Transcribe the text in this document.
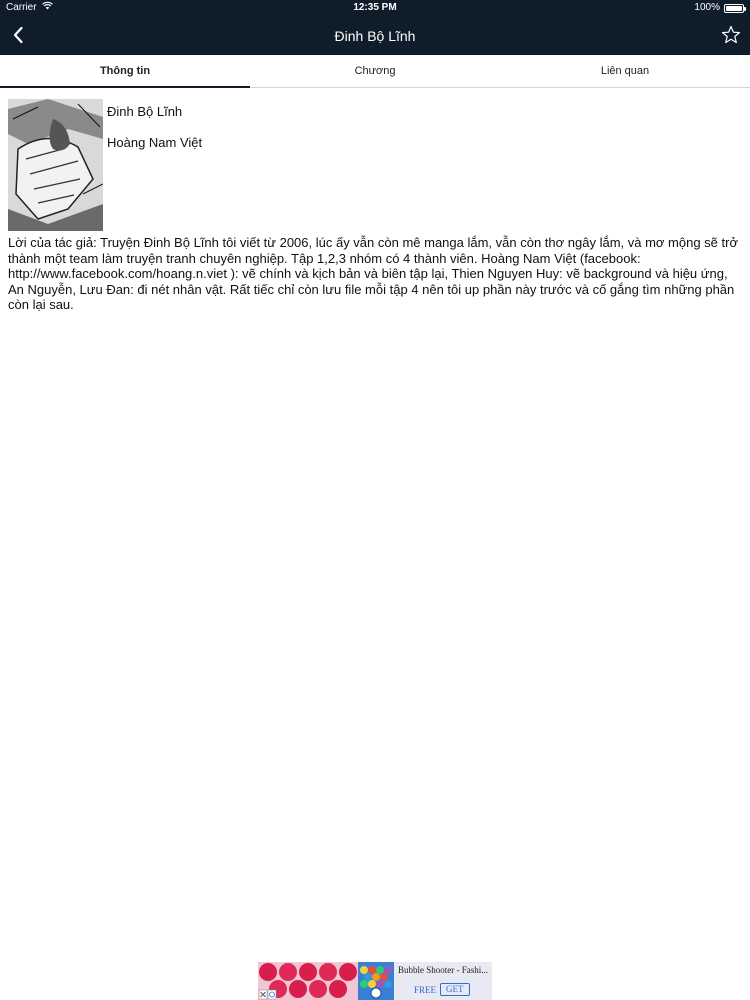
Carrier	12:35 PM	100%
Đinh Bộ Lĩnh
Thông tin	Chương	Liên quan
Đinh Bộ Lĩnh
Hoàng Nam Việt
Lời của tác giả: Truyện Đinh Bộ Lĩnh tôi viết từ 2006, lúc ấy vẫn còn mê manga lắm, vẫn còn thơ ngây lắm, và mơ mộng sẽ trở thành một team làm truyện tranh chuyên nghiệp. Tập 1,2,3 nhóm có 4 thành viên. Hoàng Nam Việt (facebook: http://www.facebook.com/hoang.n.viet ): vẽ chính và kịch bản và biên tập lại, Thien Nguyen Huy: vẽ background và hiệu ứng, An Nguyễn, Lưu Đan: đi nét nhân vật. Rất tiếc chỉ còn lưu file mỗi tập 4 nên tôi up phần này trước và cố gắng tìm những phần còn lại sau.
Bubble Shooter - Fashi...
FREE	GET
